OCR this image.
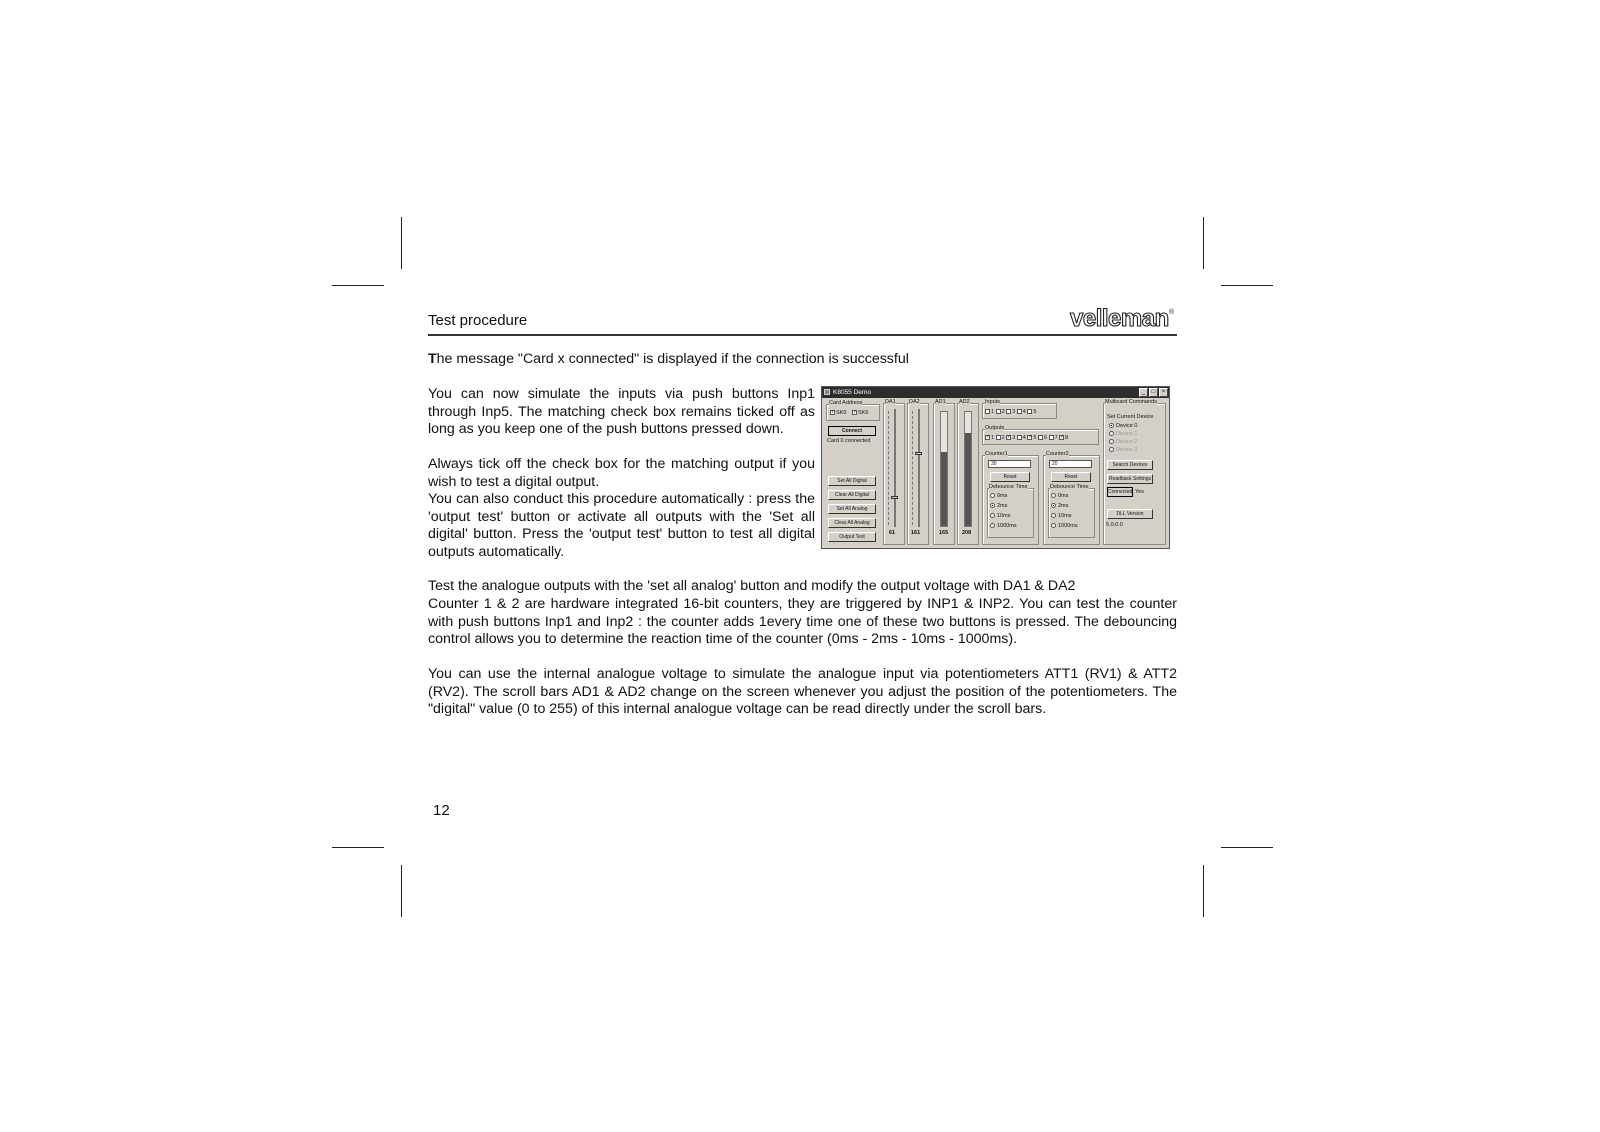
Test procedure	velleman ®

The message "Card x connected" is displayed if the connection is successful

You can now simulate the inputs via push buttons Inp1 through Inp5. The matching check box remains ticked off as long as you keep one of the push buttons pressed down.

Always tick off the check box for the matching output if you wish to test a digital output.

You can also conduct this procedure automatically : press the 'output test' button or activate all outputs with the 'Set all digital' button. Press the 'output test' button to test all digital outputs automatically.

Test the analogue outputs with the 'set all analog' button and modify the output voltage with DA1 & DA2

Counter 1 & 2 are hardware integrated 16-bit counters, they are triggered by INP1 & INP2. You can test the counter with push buttons Inp1 and Inp2 : the counter adds 1every time one of these two buttons is pressed. The debouncing control allows you to determine the reaction time of the counter (0ms - 2ms - 10ms - 1000ms).

You can use the internal analogue voltage to simulate the analogue input via potentiometers ATT1 (RV1) & ATT2 (RV2). The scroll bars AD1 & AD2 change on the screen whenever you adjust the position of the potentiometers. The "digital" value (0 to 255) of this internal analogue voltage can be read directly under the scroll bars.

12
K8055 Demo	_	□	×
Card Address
✓SK5 ✓SK6
Connect
Card 0 connected
Set All Digital
Clear All Digital
Set All Analog
Clear All Analog
Output Test
DA1
61
DA2
161
AD1
165
AD2
208
Inputs
1 2 3 4 5
Outputs
✓1 2 ✓3 4 ✓5 6 7 ✓8
Counter1
30
Reset
Debounce Time
0ms
2ms
10ms
1000ms
Counter2
20
Reset
Debounce Time
0ms
2ms
10ms
1000ms
Multicard Commands
Set Current Device
Device 0
Device 1
Device 2
Device 3
Search Devices
Readback Settings
Connected Yes
DLL Version
5.0.0.0
